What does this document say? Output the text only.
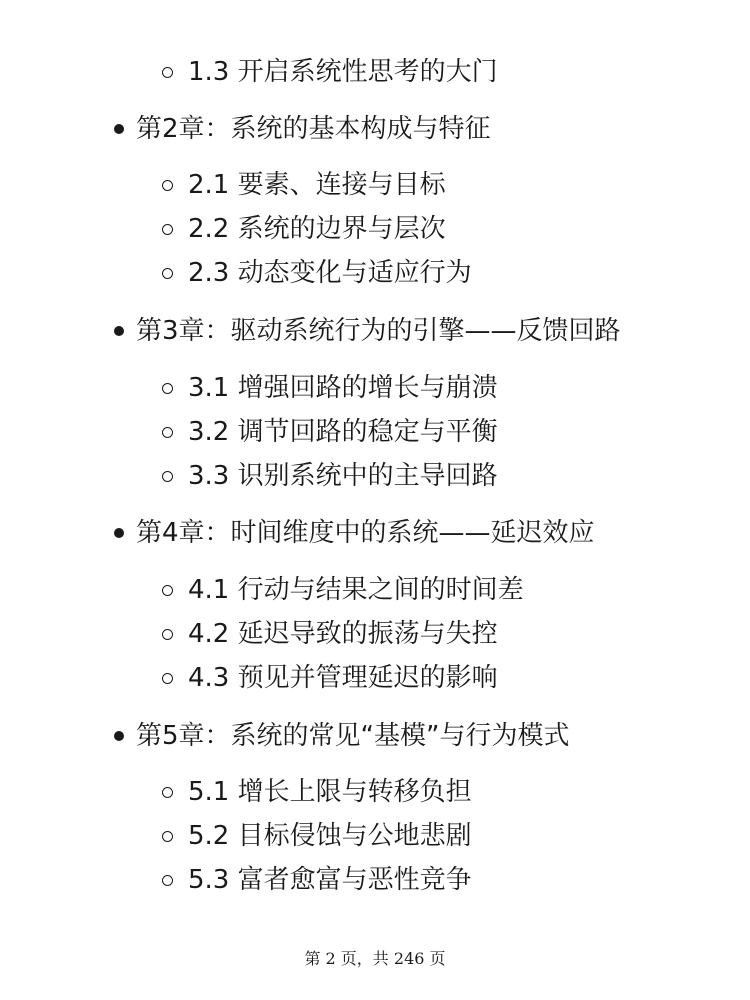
1.3 开启系统性思考的大门
第2章：系统的基本构成与特征
2.1 要素、连接与目标
2.2 系统的边界与层次
2.3 动态变化与适应行为
第3章：驱动系统行为的引擎——反馈回路
3.1 增强回路的增长与崩溃
3.2 调节回路的稳定与平衡
3.3 识别系统中的主导回路
第4章：时间维度中的系统——延迟效应
4.1 行动与结果之间的时间差
4.2 延迟导致的振荡与失控
4.3 预见并管理延迟的影响
第5章：系统的常见“基模”与行为模式
5.1 增长上限与转移负担
5.2 目标侵蚀与公地悲剧
5.3 富者愈富与恶性竞争
第 2 页，共 246 页
